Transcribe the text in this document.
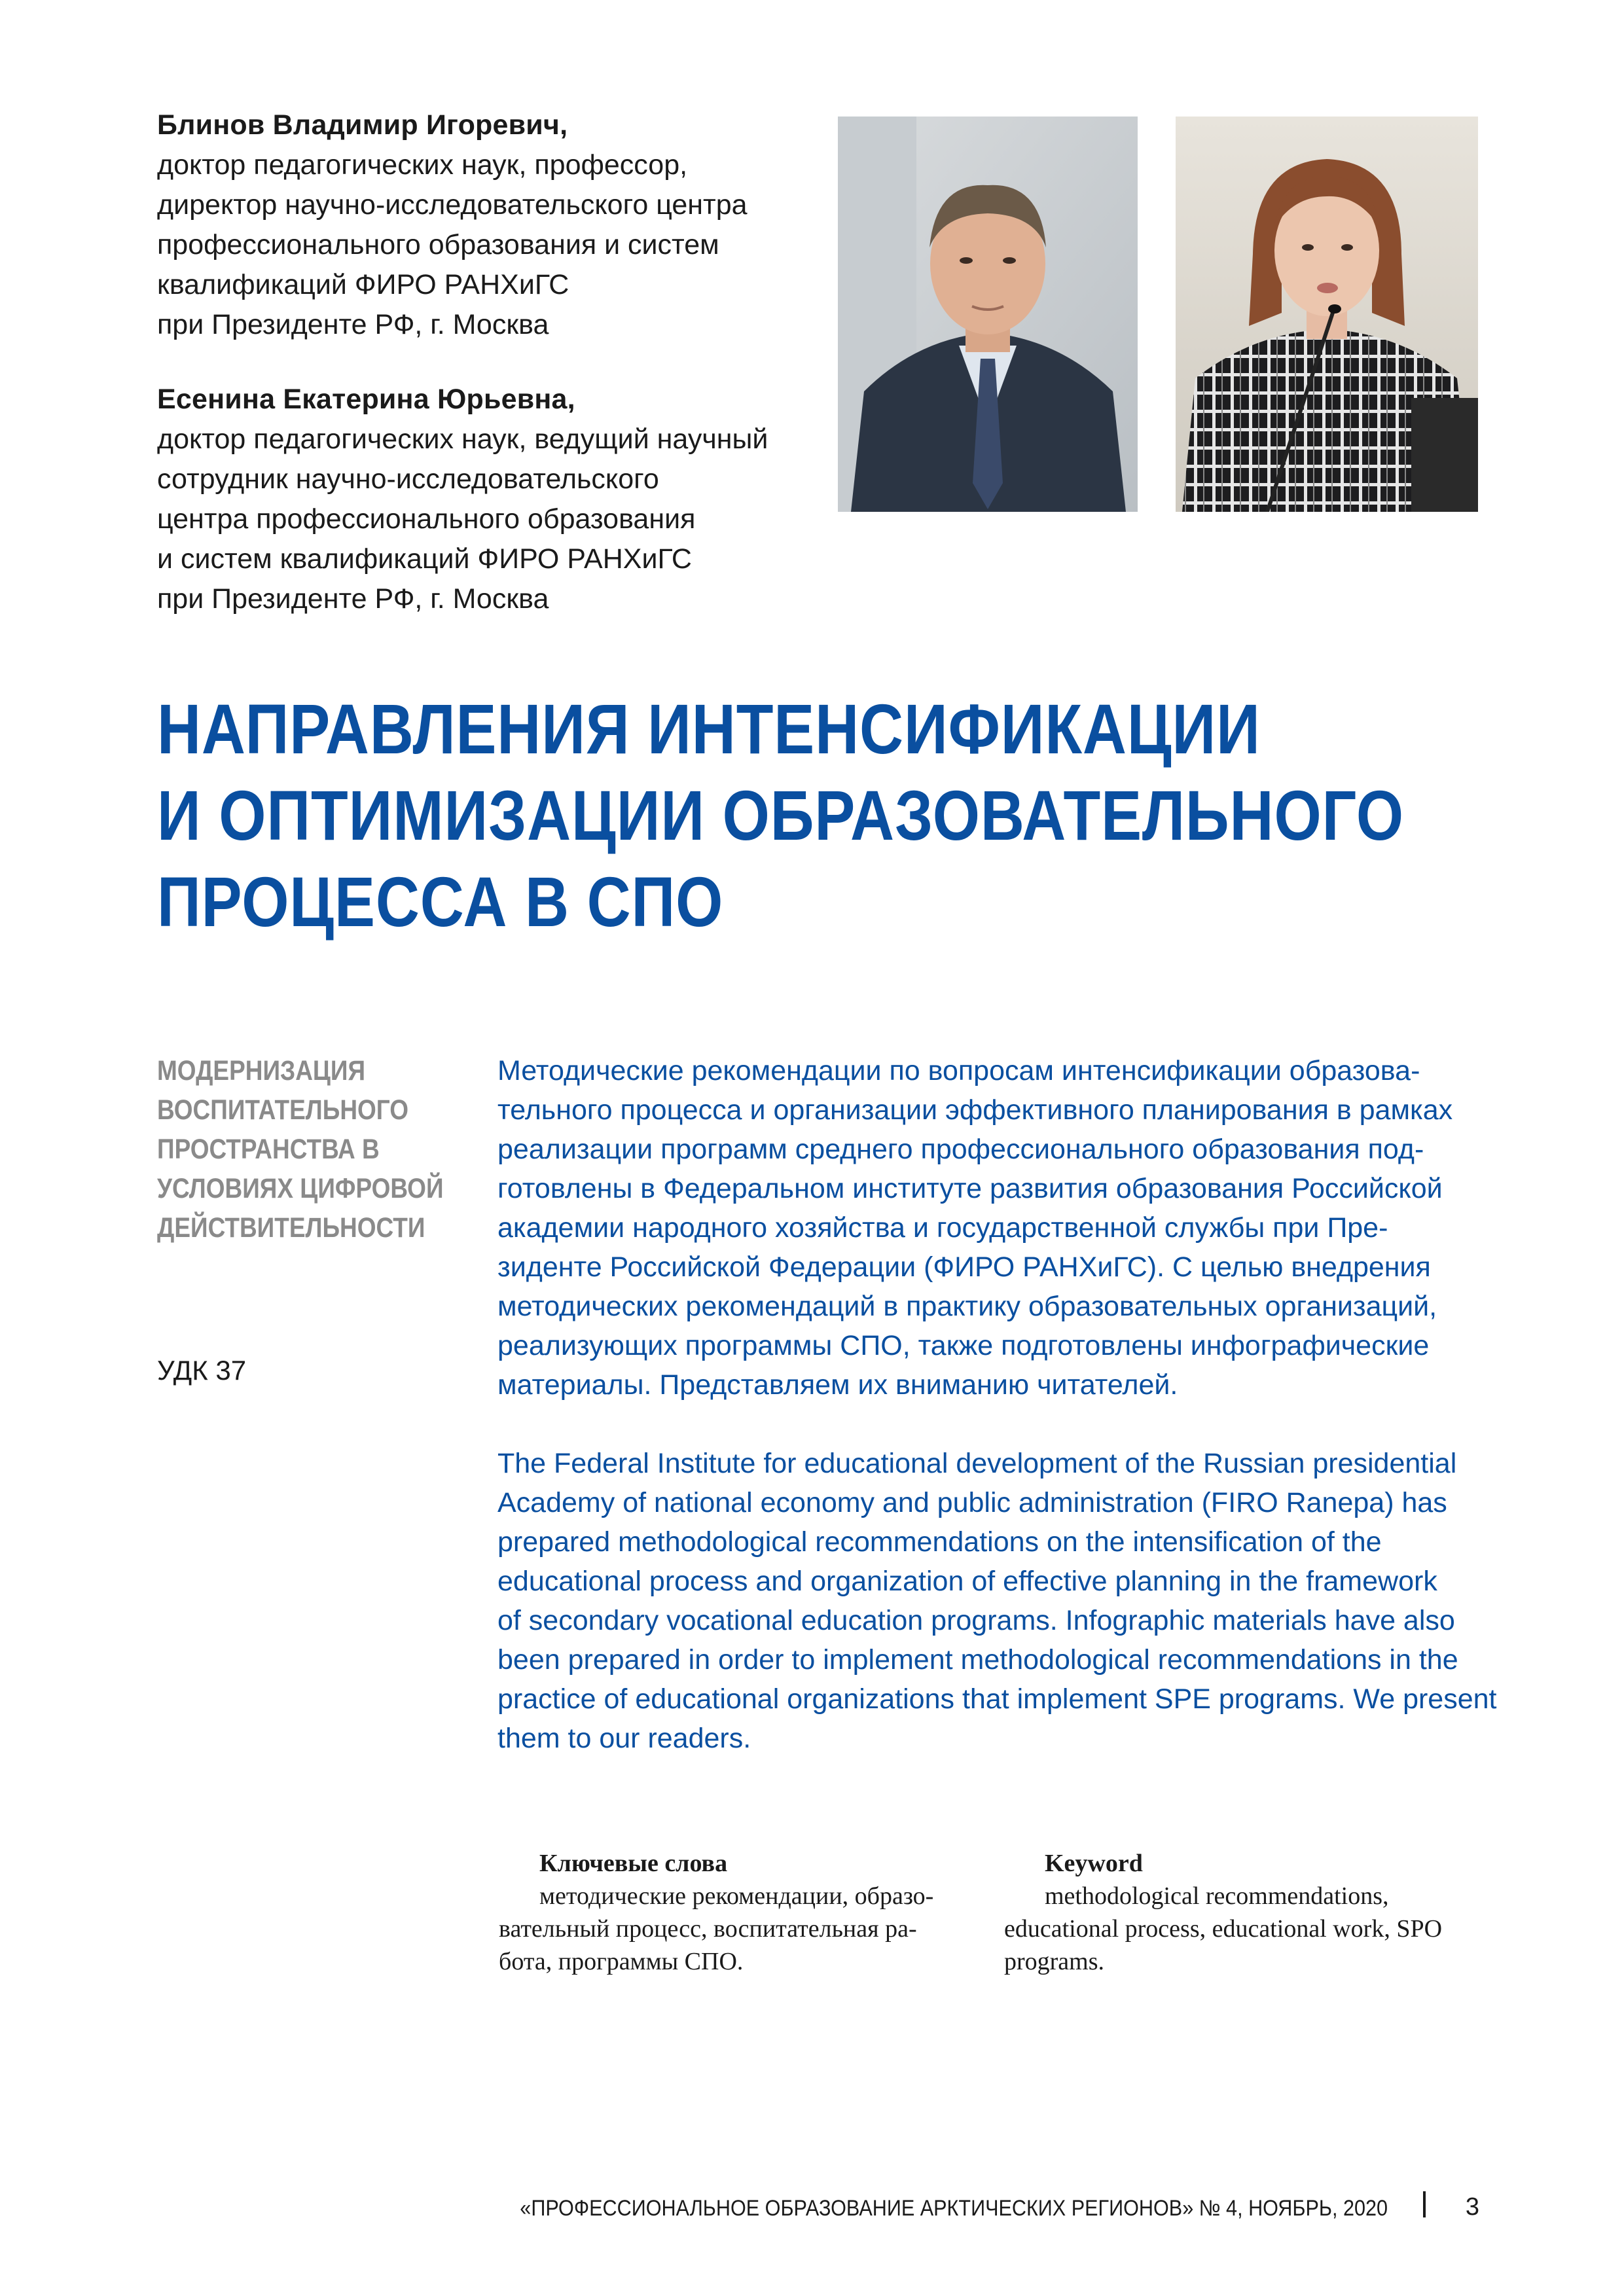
Блинов Владимир Игоревич,
доктор педагогических наук, профессор,
директор научно-исследовательского центра
профессионального образования и систем
квалификаций ФИРО РАНХиГС
при Президенте РФ, г. Москва
Есенина Екатерина Юрьевна,
доктор педагогических наук, ведущий научный
сотрудник научно-исследовательского
центра профессионального образования
и систем квалификаций ФИРО РАНХиГС
при Президенте РФ, г. Москва
НАПРАВЛЕНИЯ ИНТЕНСИФИКАЦИИ
И ОПТИМИЗАЦИИ ОБРАЗОВАТЕЛЬНОГО
ПРОЦЕССА В СПО
МОДЕРНИЗАЦИЯ
ВОСПИТАТЕЛЬНОГО
ПРОСТРАНСТВА В
УСЛОВИЯХ ЦИФРОВОЙ
ДЕЙСТВИТЕЛЬНОСТИ
УДК 37
Методические рекомендации по вопросам интенсификации образова-
тельного процесса и организации эффективного планирования в рамках
реализации программ среднего профессионального образования под-
готовлены в Федеральном институте развития образования Российской
академии народного хозяйства и государственной службы при Пре-
зиденте Российской Федерации (ФИРО РАНХиГС). С целью внедрения
методических рекомендаций в практику образовательных организаций,
реализующих программы СПО, также подготовлены инфографические
материалы. Представляем их вниманию читателей.
The Federal Institute for educational development of the Russian presidential
Academy of national economy and public administration (FIRO Ranepa) has
prepared methodological recommendations on the intensification of the
educational process and organization of effective planning in the framework
of secondary vocational education programs. Infographic materials have also
been prepared in order to implement methodological recommendations in the
practice of educational organizations that implement SPE programs. We present
them to our readers.
Ключевые слова
методические рекомендации, образо-
вательный процесс, воспитательная ра-
бота, программы СПО.
Keyword
methodological recommendations,
educational process, educational work, SPO
programs.
«ПРОФЕССИОНАЛЬНОЕ ОБРАЗОВАНИЕ АРКТИЧЕСКИХ РЕГИОНОВ» № 4, НОЯБРЬ, 2020	3
